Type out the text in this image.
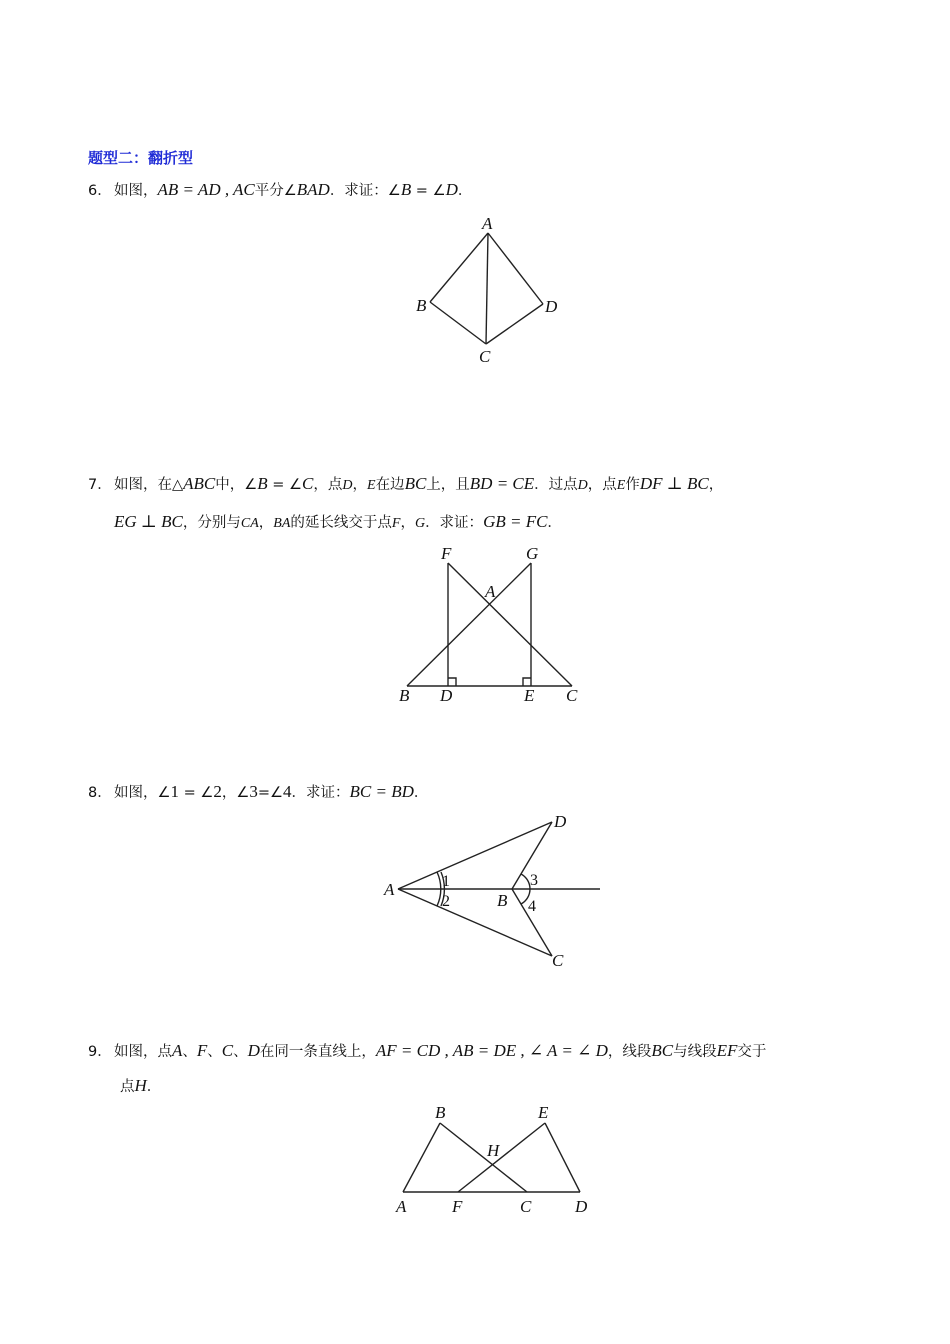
题型二：翻折型
6． 如图，AB = AD , AC平分∠BAD．求证：∠B = ∠D．
A
B
C
D
7． 如图，在△ABC中，∠B = ∠C，点D，E在边BC上，且BD = CE．过点D，点E作DF ⊥ BC，
EG ⊥ BC，分别与CA，BA的延长线交于点F，G．求证：GB = FC．
F	G
A
B D	E C
8． 如图，∠1 = ∠2，∠3=∠4．求证：BC = BD．
A
B
D
C
1
2
3
4
9． 如图，点A、F、C、D在同一条直线上，AF = CD , AB = DE , ∠ A = ∠ D，线段BC与线段EF交于
点H．
B	E
H
A	F	C	D
